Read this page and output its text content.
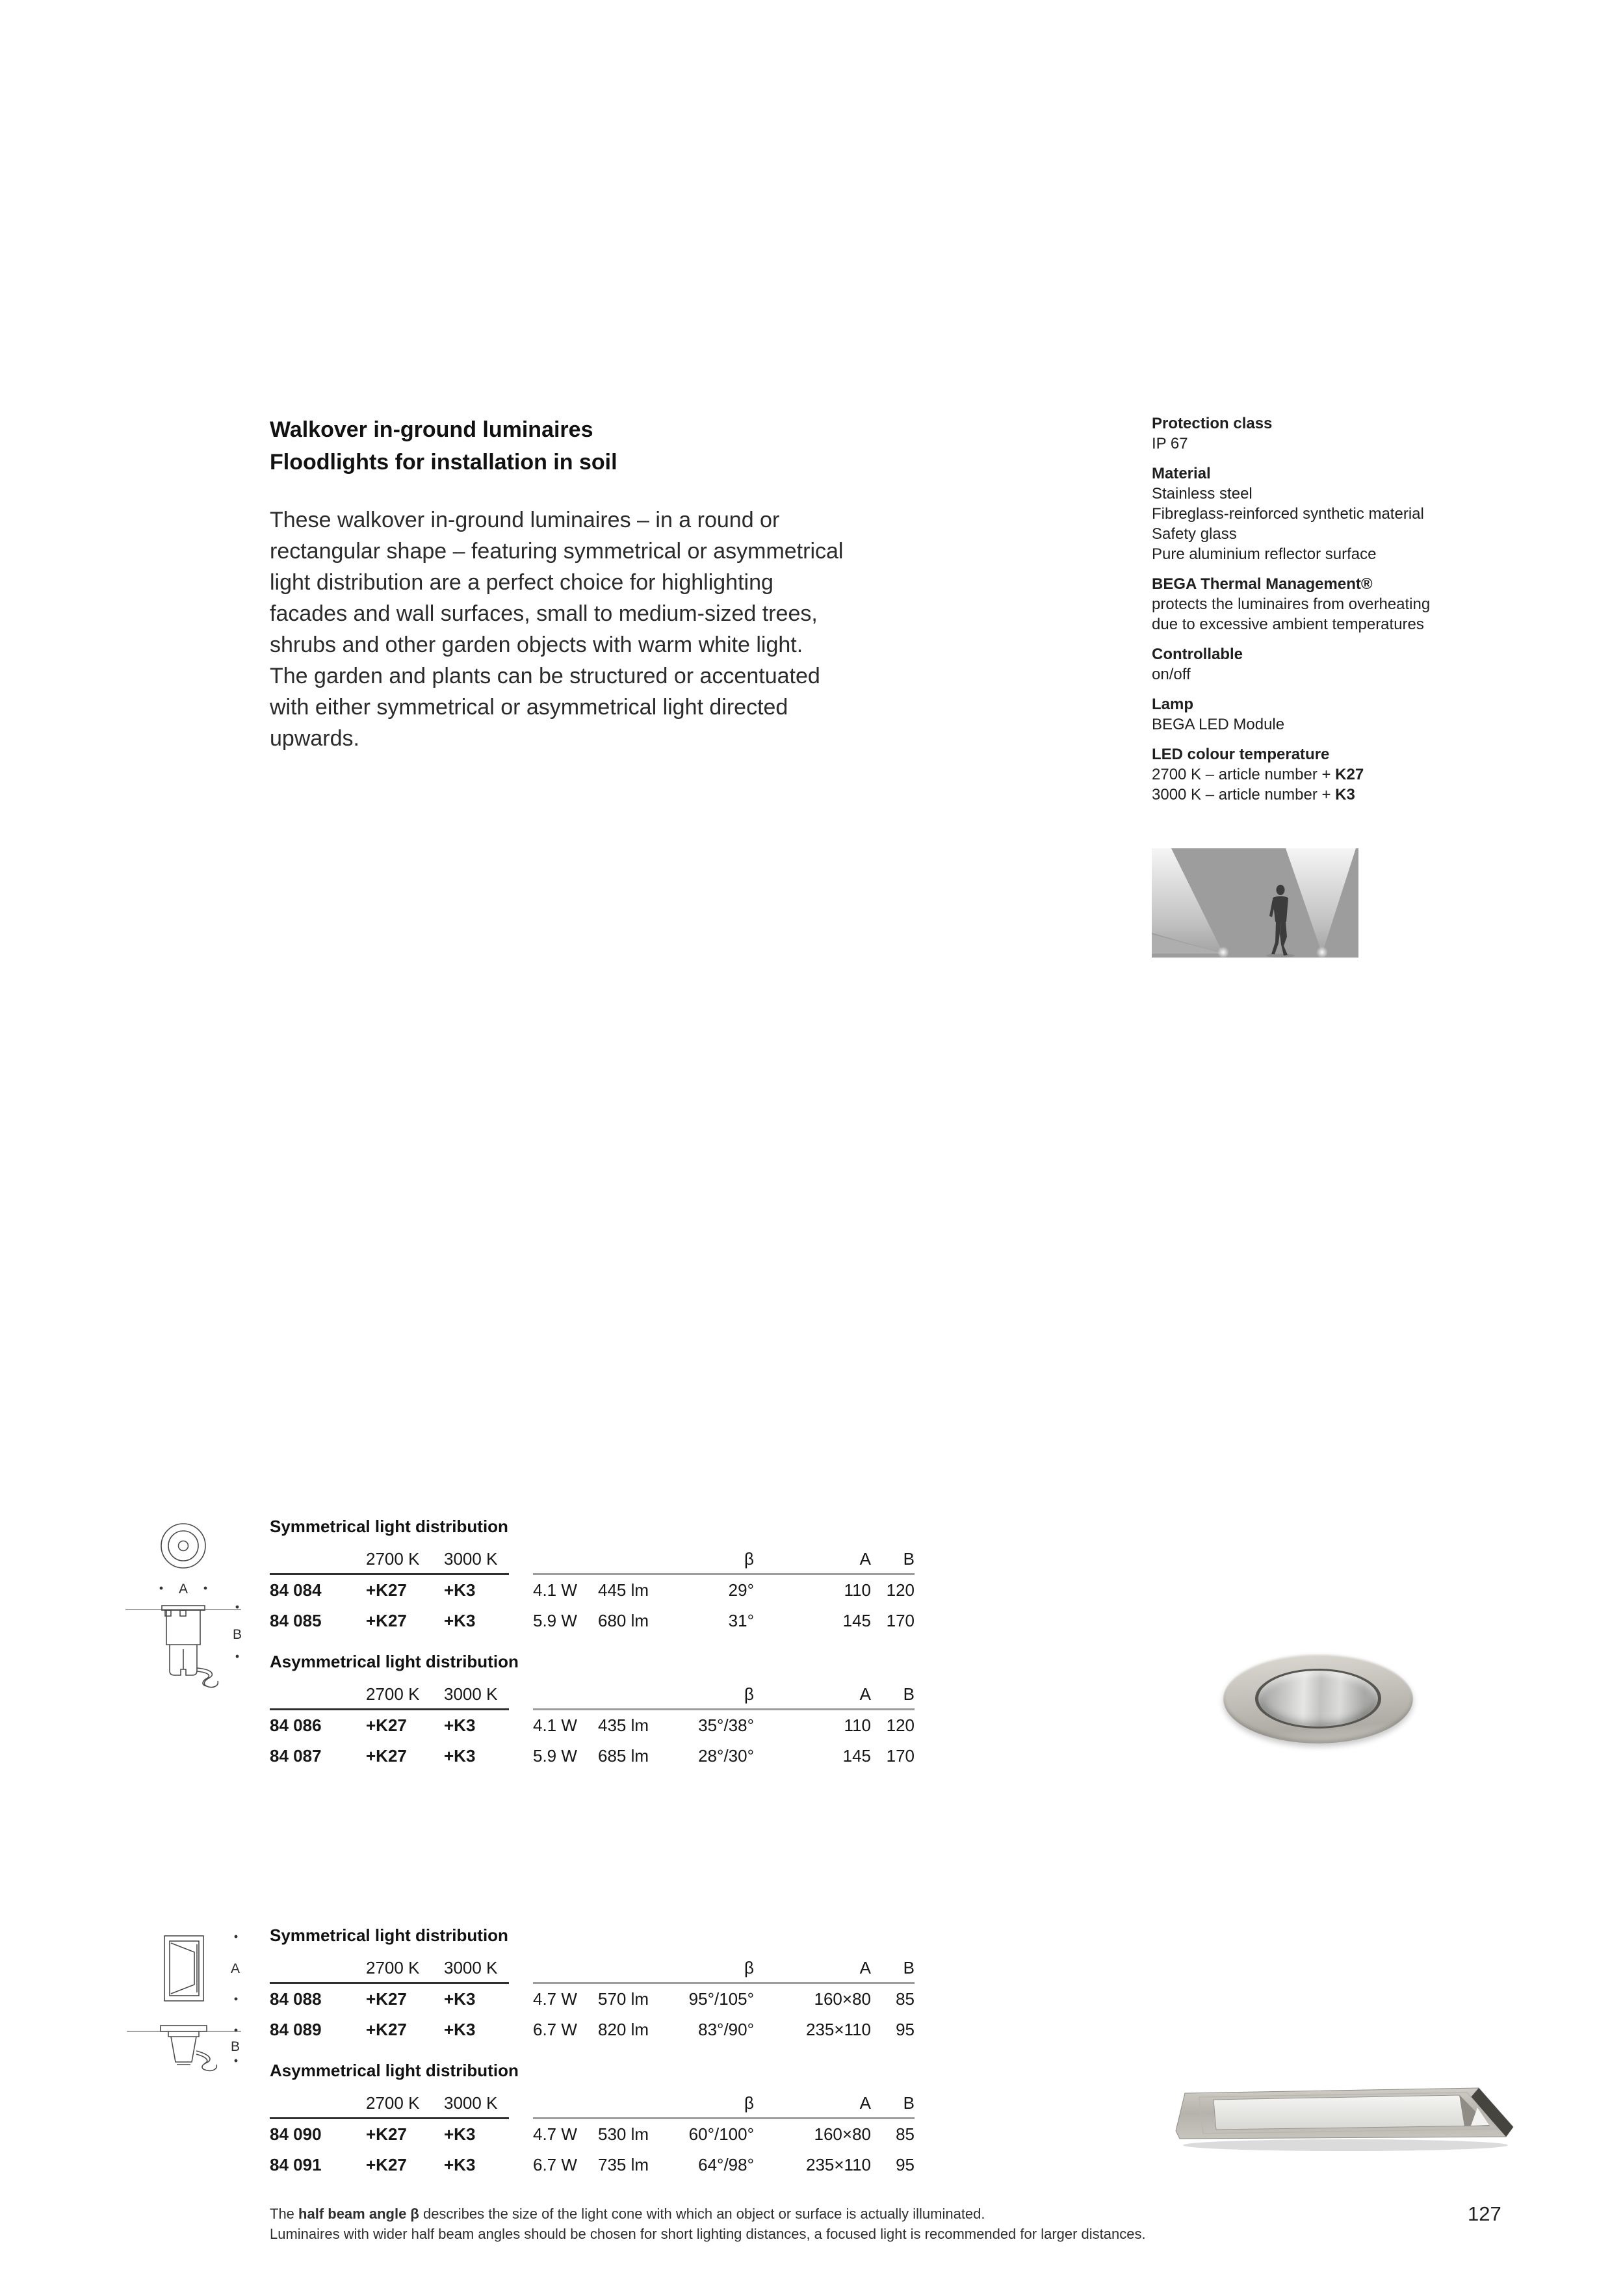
Walkover in-ground luminaires
Floodlights for installation in soil
These walkover in-ground luminaires – in a round or
rectangular shape – featuring symmetrical or asymmetrical
light distribution are a perfect choice for highlighting
facades and wall surfaces, small to medium-sized trees,
shrubs and other garden objects with warm white light.
The garden and plants can be structured or accentuated
with either symmetrical or asymmetrical light directed
upwards.
Protection class
IP 67
Material
Stainless steel
Fibreglass-reinforced synthetic material
Safety glass
Pure aluminium reflector surface
BEGA Thermal Management®
protects the luminaires from overheating
due to excessive ambient temperatures
Controllable
on/off
Lamp
BEGA LED Module
LED colour temperature
2700 K – article number + K27
3000 K – article number + K3
A
B
Symmetrical light distribution
2700 K	3000 K	β	A	B
84 084	+K27	+K3	4.1 W	445 lm	29°	110 120
84 085	+K27	+K3	5.9 W	680 lm	31°	145 170
Asymmetrical light distribution
2700 K	3000 K	β	A	B
84 086	+K27	+K3	4.1 W	435 lm	35°/38°	110 120
84 087	+K27	+K3	5.9 W	685 lm	28°/30°	145 170
A
B
Symmetrical light distribution
2700 K	3000 K	β	A	B
84 088	+K27	+K3	4.7 W	570 lm	95°/105°	160×80	85
84 089	+K27	+K3	6.7 W	820 lm	83°/90°	235×110	95
Asymmetrical light distribution
2700 K	3000 K	β	A	B
84 090	+K27	+K3	4.7 W	530 lm	60°/100°	160×80	85
84 091	+K27	+K3	6.7 W	735 lm	64°/98°	235×110	95

The half beam angle β describes the size of the light cone with which an object or surface is actually illuminated.
Luminaires with wider half beam angles should be chosen for short lighting distances, a focused light is recommended for larger distances.

127
